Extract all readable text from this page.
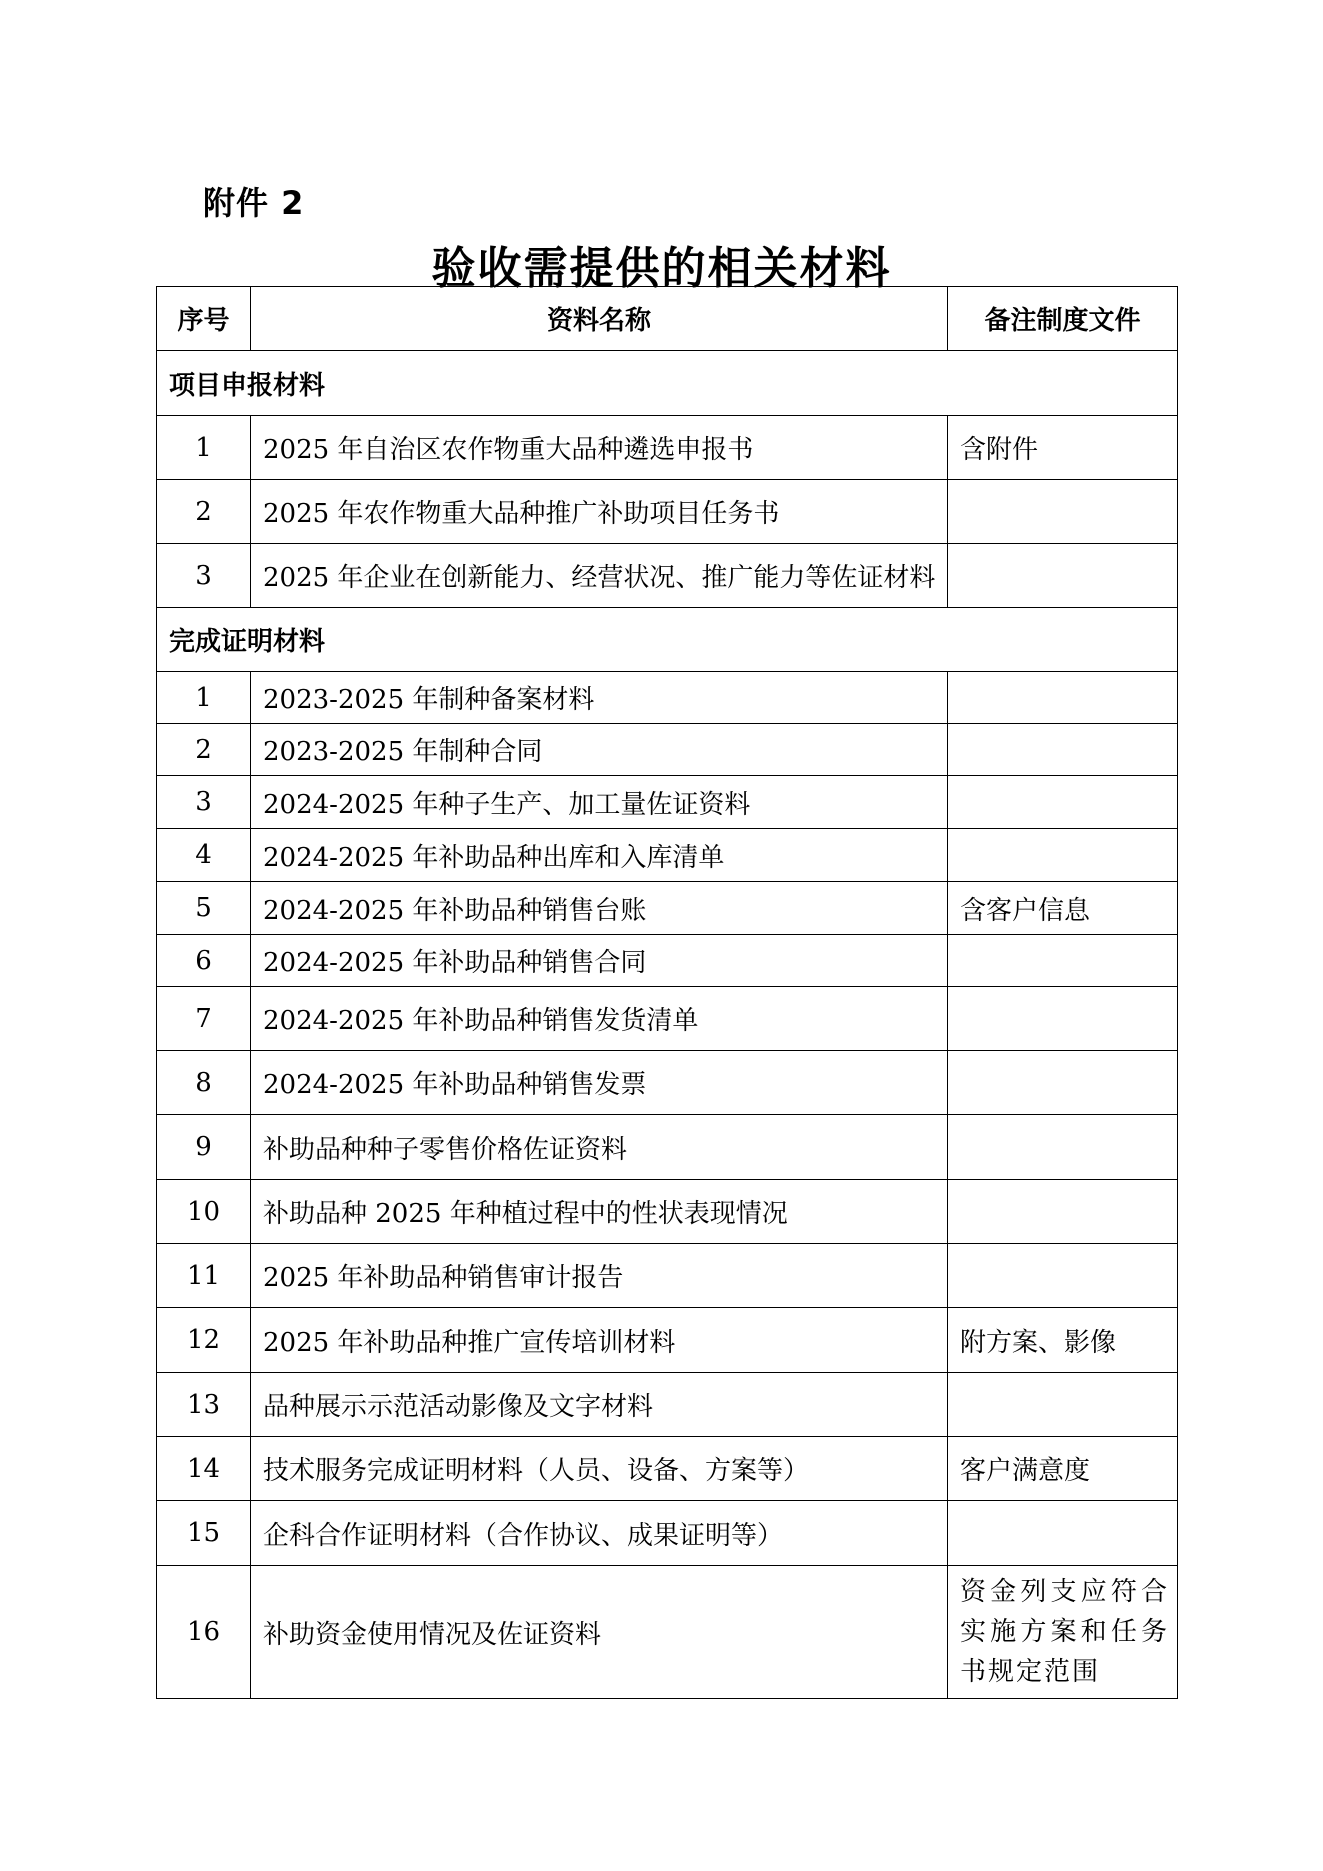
附件 2
验收需提供的相关材料
序号	资料名称	备注制度文件
项目申报材料		
1	2025 年自治区农作物重大品种遴选申报书	含附件
2	2025 年农作物重大品种推广补助项目任务书	
3	2025 年企业在创新能力、经营状况、推广能力等佐证材料	
完成证明材料		
1	2023-2025 年制种备案材料	
2	2023-2025 年制种合同	
3	2024-2025 年种子生产、加工量佐证资料	
4	2024-2025 年补助品种出库和入库清单	
5	2024-2025 年补助品种销售台账	含客户信息
6	2024-2025 年补助品种销售合同	
7	2024-2025 年补助品种销售发货清单	
8	2024-2025 年补助品种销售发票	
9	补助品种种子零售价格佐证资料	
10	补助品种 2025 年种植过程中的性状表现情况	
11	2025 年补助品种销售审计报告	
12	2025 年补助品种推广宣传培训材料	附方案、影像
13	品种展示示范活动影像及文字材料	
14	技术服务完成证明材料（人员、设备、方案等）	客户满意度
15	企科合作证明材料（合作协议、成果证明等）	
16	补助资金使用情况及佐证资料	资金列支应符合实施方案和任务书规定范围
